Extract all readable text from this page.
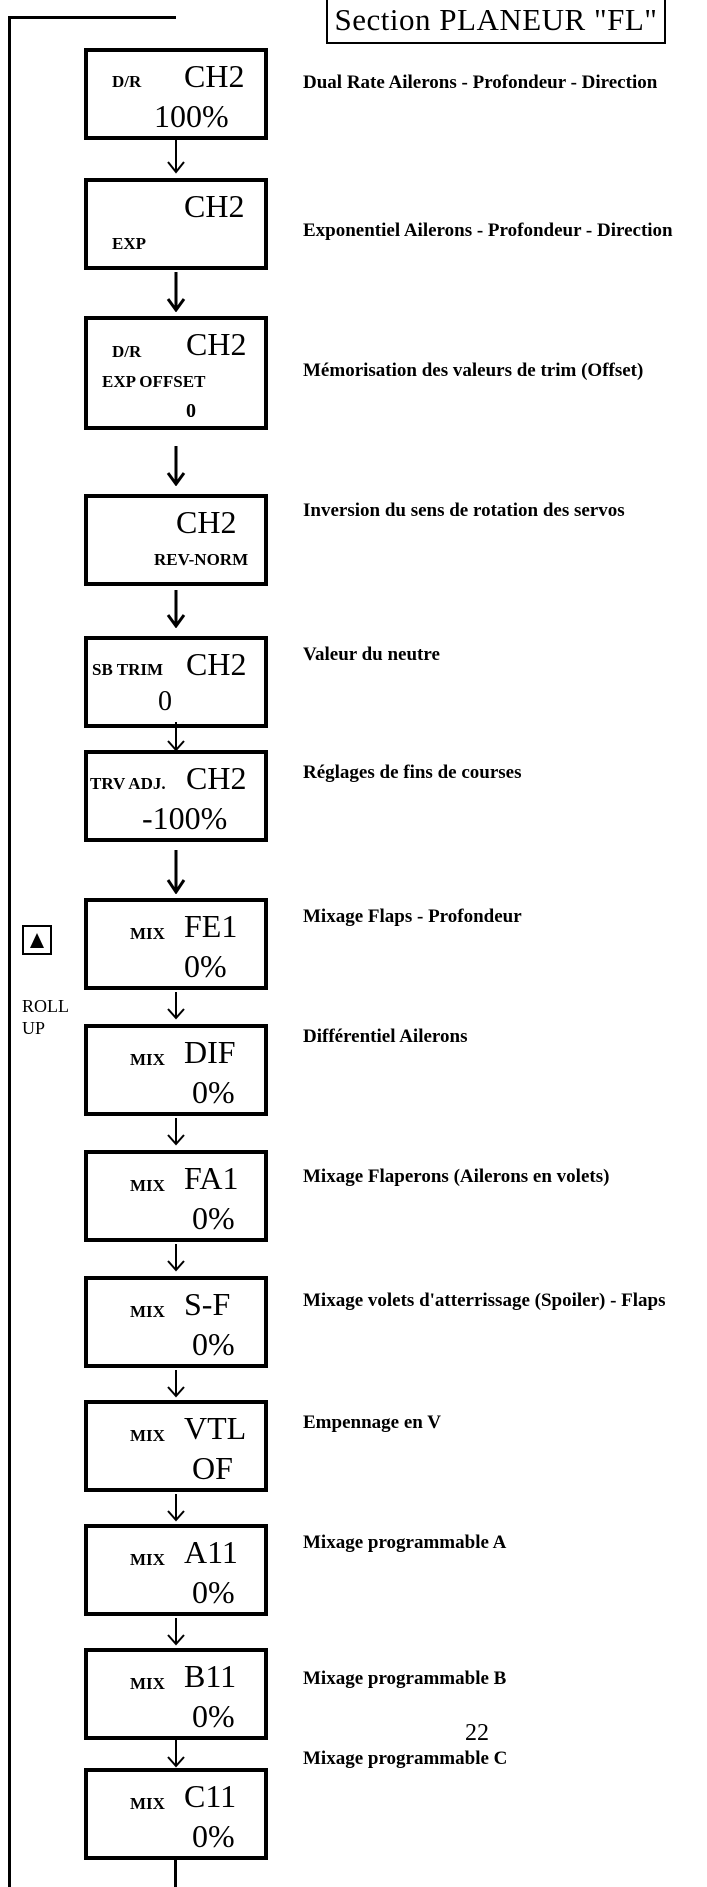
Section PLANEUR "FL"
ROLL
UP
D/R CH2
100%
Dual Rate Ailerons - Profondeur - Direction
CH2
EXP
Exponentiel Ailerons - Profondeur - Direction
D/R CH2
EXP OFFSET
0
Mémorisation des valeurs de trim (Offset)
CH2
REV-NORM
Inversion du sens de rotation des servos
SB TRIM CH2
0
Valeur du neutre
TRV ADJ. CH2
-100%
Réglages de fins de courses
MIX FE1
0%
Mixage Flaps - Profondeur
MIX DIF
0%
Différentiel Ailerons
MIX FA1
0%
Mixage Flaperons (Ailerons en volets)
MIX S-F
0%
Mixage volets d'atterrissage (Spoiler) - Flaps
MIX VTL
OF
Empennage en V
MIX A11
0%
Mixage programmable A
MIX B11
0%
Mixage programmable B
MIX C11
0%
Mixage programmable C
22
